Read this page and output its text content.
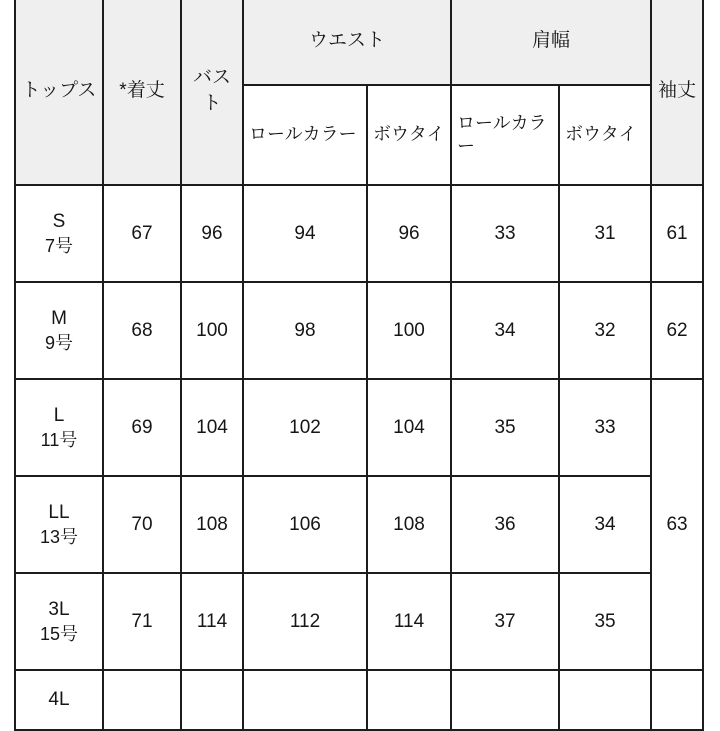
トップス	*着丈	バスト	ウエスト		肩幅		袖丈
			ロールカラー	ボウタイ	ロールカラー	ボウタイ	
S
7号	67	96	94	96	33	31	61
M
9号	68	100	98	100	34	32	62
L
11号	69	104	102	104	35	33	63
LL
13号	70	108	106	108	36	34	
3L
15号	71	114	112	114	37	35	
4L							
